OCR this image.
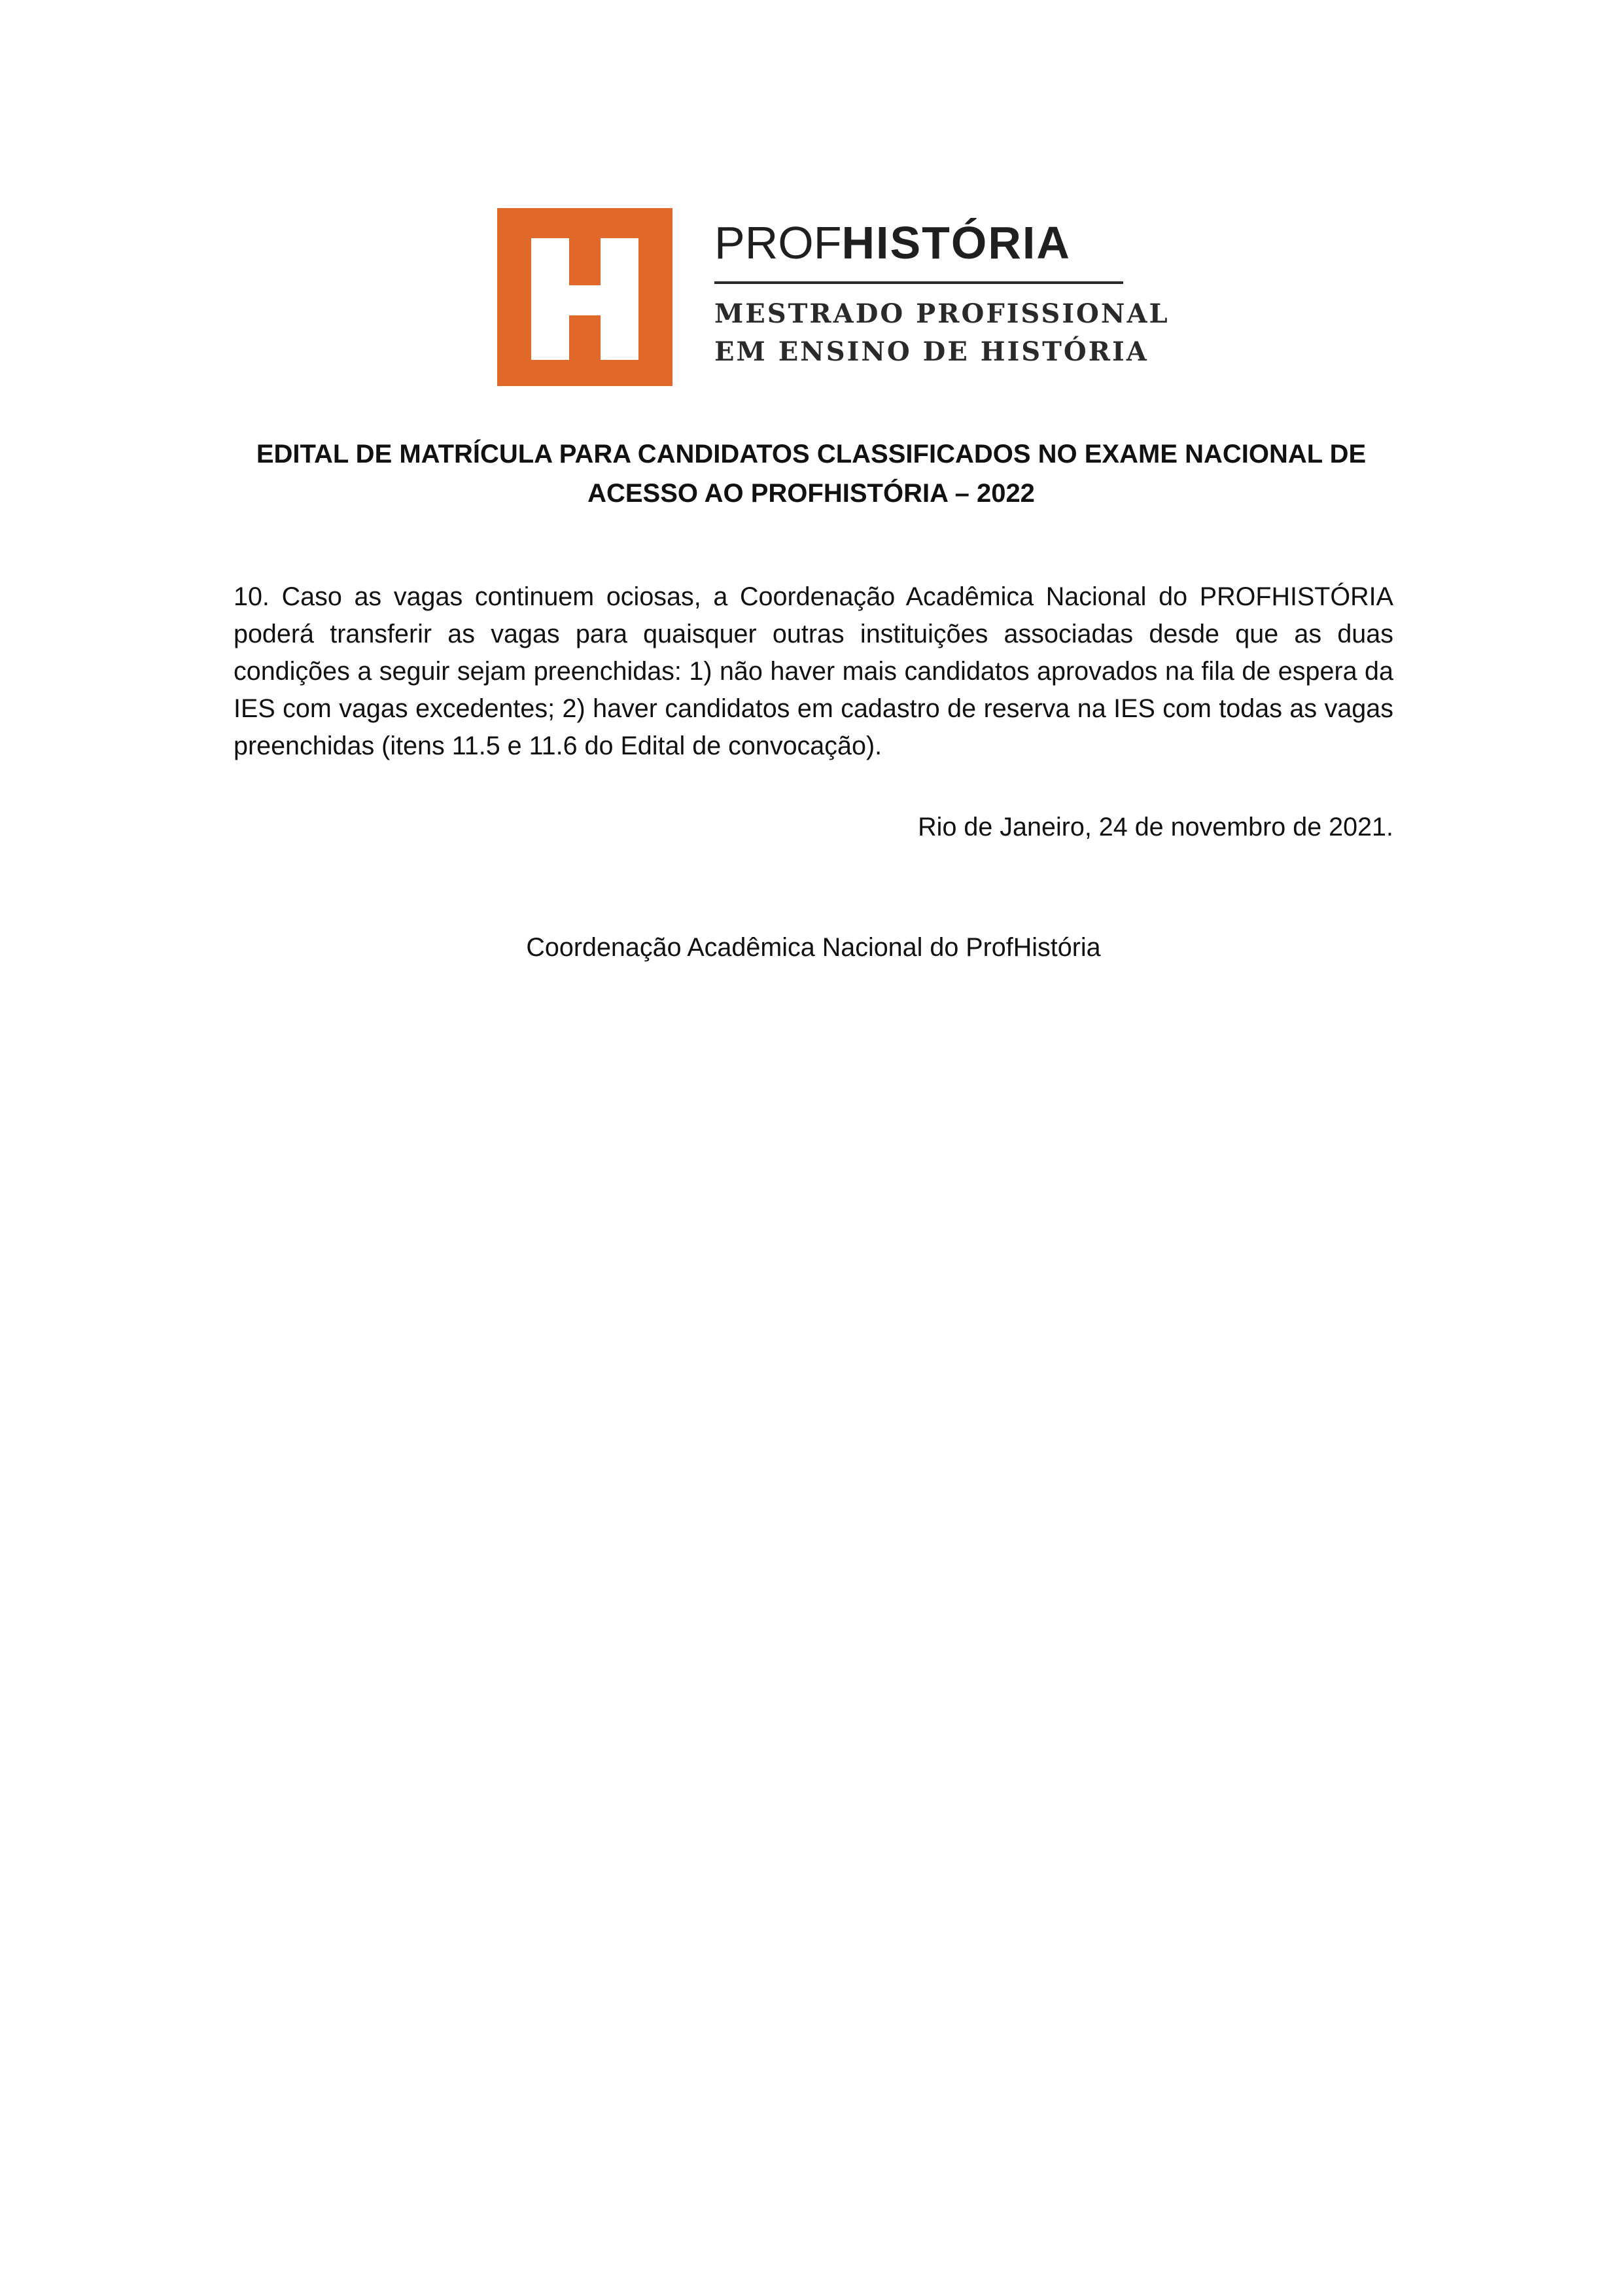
PROFHISTÓRIA
MESTRADO PROFISSIONAL
EM ENSINO DE HISTÓRIA
EDITAL DE MATRÍCULA PARA CANDIDATOS CLASSIFICADOS NO EXAME NACIONAL DE
ACESSO AO PROFHISTÓRIA – 2022

10. Caso as vagas continuem ociosas, a Coordenação Acadêmica Nacional do PROFHISTÓRIA poderá transferir as vagas para quaisquer outras instituições associadas desde que as duas condições a seguir sejam preenchidas: 1) não haver mais candidatos aprovados na fila de espera da IES com vagas excedentes; 2) haver candidatos em cadastro de reserva na IES com todas as vagas preenchidas (itens 11.5 e 11.6 do Edital de convocação).

Rio de Janeiro, 24 de novembro de 2021.
Coordenação Acadêmica Nacional do ProfHistória
